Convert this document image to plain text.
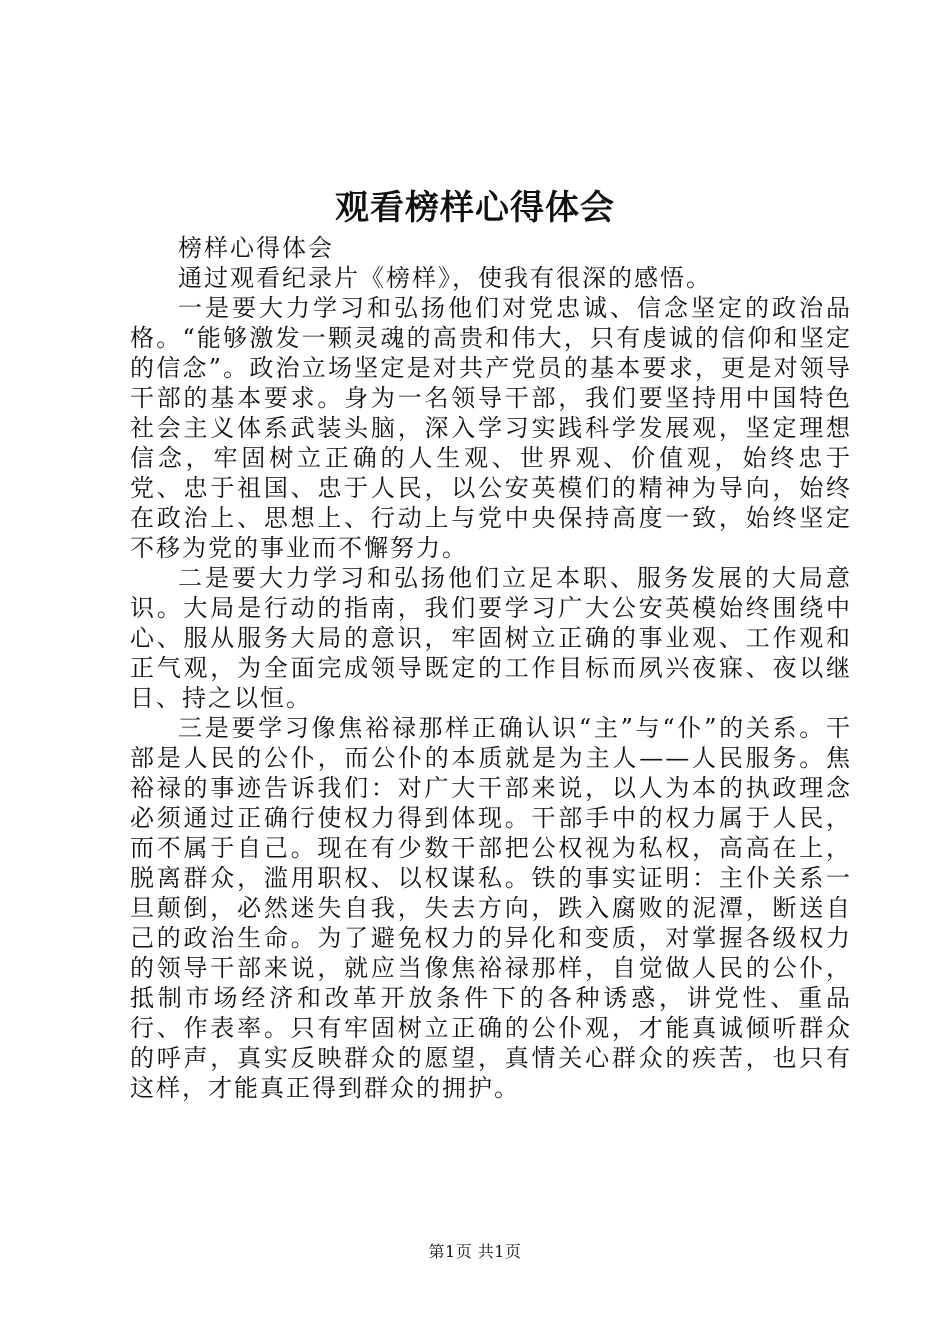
观看榜样心得体会

榜样心得体会

通过观看纪录片《榜样》，使我有很深的感悟。

一是要大力学习和弘扬他们对党忠诚、信念坚定的政治品格。“能够激发一颗灵魂的高贵和伟大，只有虔诚的信仰和坚定的信念”。政治立场坚定是对共产党员的基本要求，更是对领导干部的基本要求。身为一名领导干部，我们要坚持用中国特色社会主义体系武装头脑，深入学习实践科学发展观，坚定理想信念，牢固树立正确的人生观、世界观、价值观，始终忠于党、忠于祖国、忠于人民，以公安英模们的精神为导向，始终在政治上、思想上、行动上与党中央保持高度一致，始终坚定不移为党的事业而不懈努力。

二是要大力学习和弘扬他们立足本职、服务发展的大局意识。大局是行动的指南，我们要学习广大公安英模始终围绕中心、服从服务大局的意识，牢固树立正确的事业观、工作观和正气观，为全面完成领导既定的工作目标而夙兴夜寐、夜以继日、持之以恒。

三是要学习像焦裕禄那样正确认识“主”与“仆”的关系。干部是人民的公仆，而公仆的本质就是为主人——人民服务。焦裕禄的事迹告诉我们：对广大干部来说，以人为本的执政理念必须通过正确行使权力得到体现。干部手中的权力属于人民，而不属于自己。现在有少数干部把公权视为私权，高高在上，脱离群众，滥用职权、以权谋私。铁的事实证明：主仆关系一旦颠倒，必然迷失自我，失去方向，跌入腐败的泥潭，断送自己的政治生命。为了避免权力的异化和变质，对掌握各级权力的领导干部来说，就应当像焦裕禄那样，自觉做人民的公仆，抵制市场经济和改革开放条件下的各种诱惑，讲党性、重品行、作表率。只有牢固树立正确的公仆观，才能真诚倾听群众的呼声，真实反映群众的愿望，真情关心群众的疾苦，也只有这样，才能真正得到群众的拥护。

第1页 共1页
